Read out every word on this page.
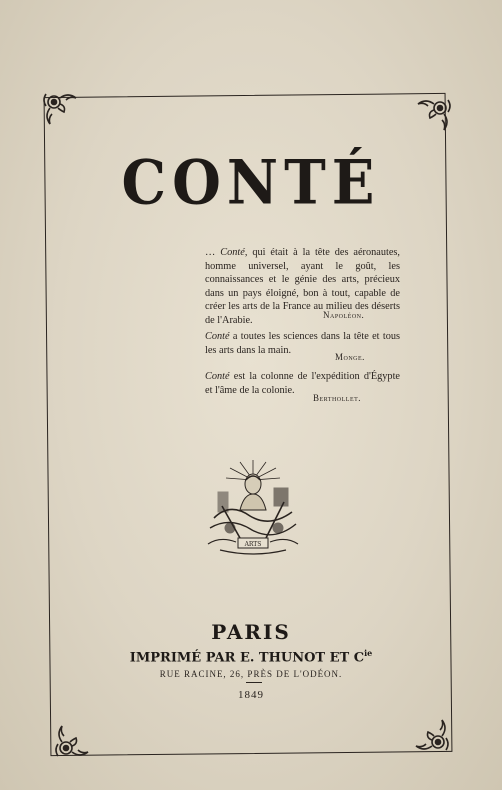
CONTÉ

… Conté, qui était à la tête des aéronautes, homme universel, ayant le goût, les connaissances et le génie des arts, précieux dans un pays éloigné, bon à tout, capable de créer les arts de la France au milieu des déserts de l'Arabie.	Napoléon.

Conté a toutes les sciences dans la tête et tous les arts dans la main.

Monge.

Conté est la colonne de l'expédition d'Égypte et l'âme de la colonie.

Berthollet.
ARTS
PARIS
IMPRIMÉ PAR E. THUNOT ET $C^{ie}$
RUE RACINE, 26, PRÈS DE L'ODÉON.
1849
